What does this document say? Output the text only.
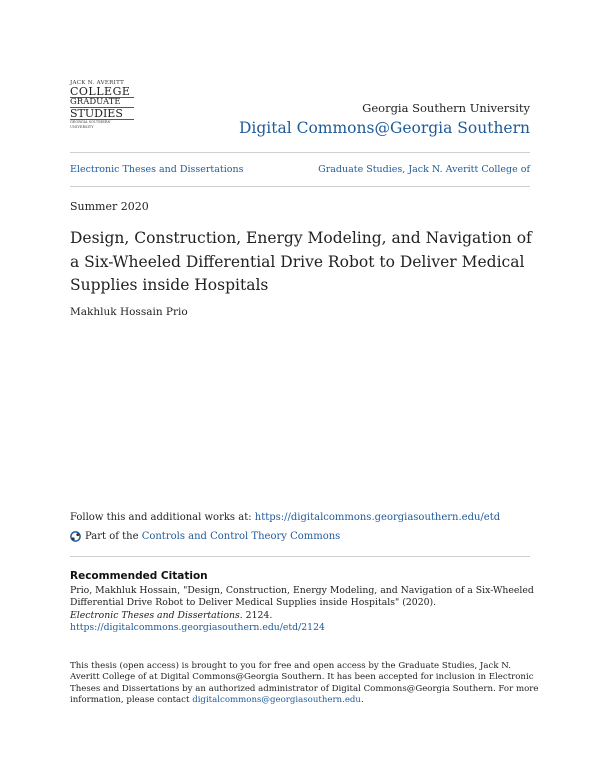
JACK N. AVERITT
COLLEGE
GRADUATE
STUDIES
GEORGIA SOUTHERN UNIVERSITY
Georgia Southern University
Digital Commons@Georgia Southern
Electronic Theses and Dissertations	Graduate Studies, Jack N. Averitt College of
Summer 2020
Design, Construction, Energy Modeling, and Navigation of a Six-Wheeled Differential Drive Robot to Deliver Medical Supplies inside Hospitals
Makhluk Hossain Prio
Follow this and additional works at: https://digitalcommons.georgiasouthern.edu/etd
Part of the
Controls and Control Theory Commons
Recommended Citation
Prio, Makhluk Hossain, "Design, Construction, Energy Modeling, and Navigation of a Six-Wheeled Differential Drive Robot to Deliver Medical Supplies inside Hospitals" (2020).
Electronic Theses and Dissertations. 2124.
https://digitalcommons.georgiasouthern.edu/etd/2124
This thesis (open access) is brought to you for free and open access by the Graduate Studies, Jack N. Averitt College of at Digital Commons@Georgia Southern. It has been accepted for inclusion in Electronic Theses and Dissertations by an authorized administrator of Digital Commons@Georgia Southern. For more information, please contact digitalcommons@georgiasouthern.edu.
